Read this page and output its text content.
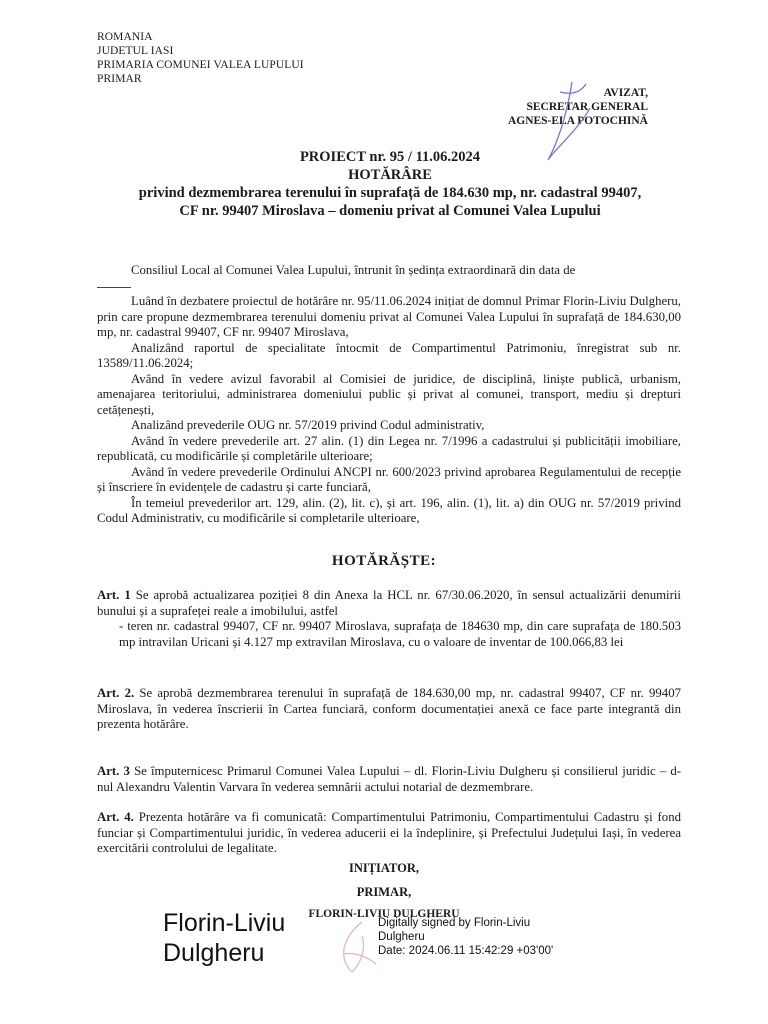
ROMANIA
JUDETUL IASI
PRIMARIA COMUNEI VALEA LUPULUI
PRIMAR
AVIZAT,
SECRETAR GENERAL
AGNES-ELA POTOCHINĂ
PROIECT nr. 95 / 11.06.2024
HOTĂRÂRE
privind dezmembrarea terenului în suprafață de 184.630 mp, nr. cadastral 99407,
CF nr. 99407 Miroslava – domeniu privat al Comunei Valea Lupului
Consiliul Local al Comunei Valea Lupului, întrunit în ședința extraordinară din data de
Luând în dezbatere proiectul de hotărâre nr. 95/11.06.2024 inițiat de domnul Primar Florin-Liviu Dulgheru, prin care propune dezmembrarea terenului domeniu privat al Comunei Valea Lupului în suprafață de 184.630,00 mp, nr. cadastral 99407, CF nr. 99407 Miroslava,
Analizând raportul de specialitate întocmit de Compartimentul Patrimoniu, înregistrat sub nr. 13589/11.06.2024;
Având în vedere avizul favorabil al Comisiei de juridice, de disciplină, liniște publică, urbanism, amenajarea teritoriului, administrarea domeniului public și privat al comunei, transport, mediu și drepturi cetățenești,
Analizând prevederile OUG nr. 57/2019 privind Codul administrativ,
Având în vedere prevederile art. 27 alin. (1) din Legea nr. 7/1996 a cadastrului și publicității imobiliare, republicată, cu modificările și completările ulterioare;
Având în vedere prevederile Ordinului ANCPI nr. 600/2023 privind aprobarea Regulamentului de recepție și înscriere în evidențele de cadastru și carte funciară,
În temeiul prevederilor art. 129, alin. (2), lit. c), și art. 196, alin. (1), lit. a) din OUG nr. 57/2019 privind Codul Administrativ, cu modificările si completarile ulterioare,
HOTĂRĂȘTE:
Art. 1 Se aprobă actualizarea poziției 8 din Anexa la HCL nr. 67/30.06.2020, în sensul actualizării denumirii bunului și a suprafeței reale a imobilului, astfel
- teren nr. cadastral 99407, CF nr. 99407 Miroslava, suprafața de 184630 mp, din care suprafața de 180.503 mp intravilan Uricani și 4.127 mp extravilan Miroslava, cu o valoare de inventar de 100.066,83 lei
Art. 2. Se aprobă dezmembrarea terenului în suprafață de 184.630,00 mp, nr. cadastral 99407, CF nr. 99407 Miroslava, în vederea înscrierii în Cartea funciară, conform documentației anexă ce face parte integrantă din prezenta hotărâre.
Art. 3 Se împuternicesc Primarul Comunei Valea Lupului – dl. Florin-Liviu Dulgheru și consilierul juridic – d-nul Alexandru Valentin Varvara în vederea semnării actului notarial de dezmembrare.
Art. 4. Prezenta hotărâre va fi comunicată: Compartimentului Patrimoniu, Compartimentului Cadastru și fond funciar și Compartimentului juridic, în vederea aducerii ei la îndeplinire, și Prefectului Județului Iași, în vederea exercitării controlului de legalitate.
INIȚIATOR,
PRIMAR,
FLORIN-LIVIU DULGHERU
Florin-Liviu
Dulgheru
Digitally signed by Florin-Liviu
Dulgheru
Date: 2024.06.11 15:42:29 +03'00'
